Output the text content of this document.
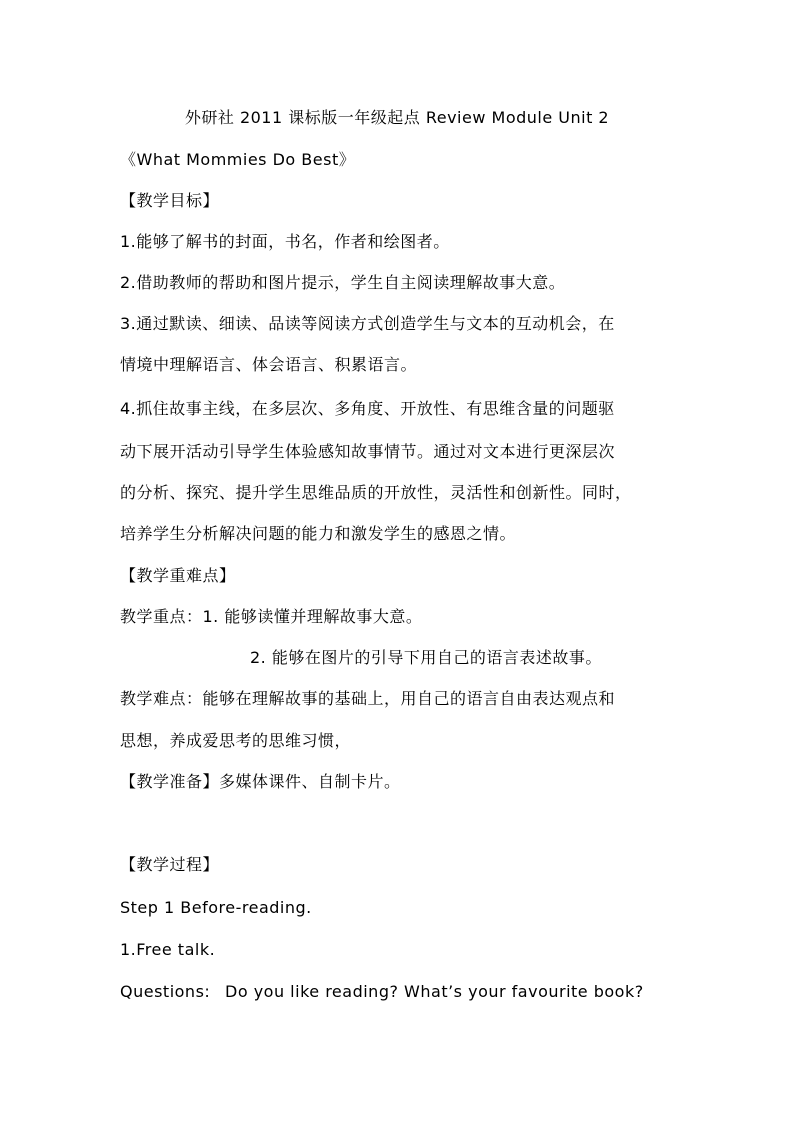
外研社 2011 课标版一年级起点 Review Module Unit 2
《What Mommies Do Best》
【教学目标】
1.能够了解书的封面，书名，作者和绘图者。
2.借助教师的帮助和图片提示，学生自主阅读理解故事大意。
3.通过默读、细读、品读等阅读方式创造学生与文本的互动机会，在
情境中理解语言、体会语言、积累语言。
4.抓住故事主线，在多层次、多角度、开放性、有思维含量的问题驱
动下展开活动引导学生体验感知故事情节。通过对文本进行更深层次
的分析、探究、提升学生思维品质的开放性，灵活性和创新性。同时，
培养学生分析解决问题的能力和激发学生的感恩之情。
【教学重难点】
教学重点：1. 能够读懂并理解故事大意。
2. 能够在图片的引导下用自己的语言表述故事。
教学难点：能够在理解故事的基础上，用自己的语言自由表达观点和
思想，养成爱思考的思维习惯，
【教学准备】多媒体课件、自制卡片。
【教学过程】
Step 1 Before-reading.
1.Free talk.
Questions: Do you like reading? What’s your favourite book?
